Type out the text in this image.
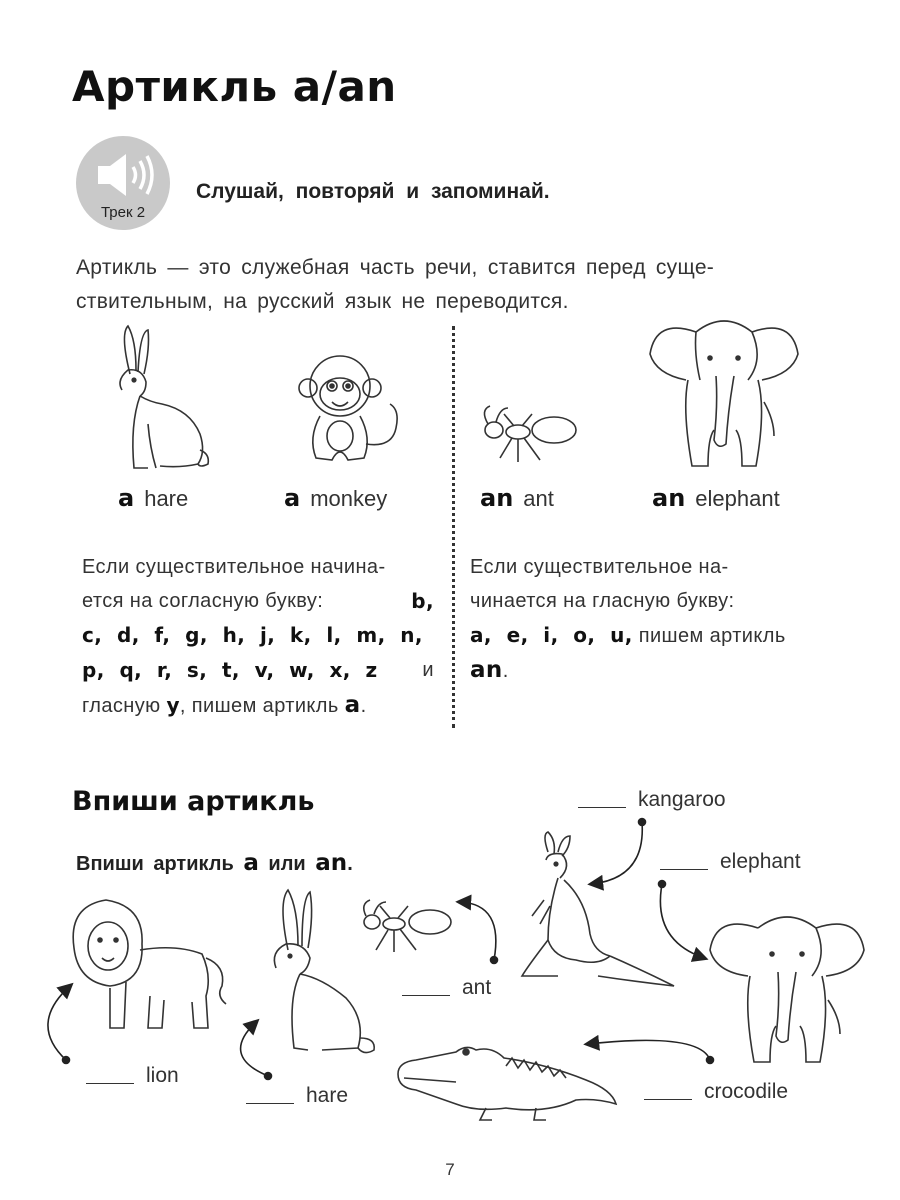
Артикль a/an
Трек 2
Слушай, повторяй и запоминай.
Артикль — это служебная часть речи, ставится перед суще-
ствительным, на русский язык не переводится.
a hare	a monkey	an ant	an elephant
Если существительное начина-
ется на согласную букву:	b,
c,  d,  f,  g,  h,  j,  k,  l,  m,  n,
p,  q,  r,  s,  t,  v,  w,  x,  z и
гласную y, пишем артикль a.
Если существительное на-
чинается на гласную букву:
a,  e,  i,  o,  u, пишем артикль
an.
Впиши артикль
Впиши артикль a или an.
kangaroo
elephant
ant
lion
hare	crocodile
7
